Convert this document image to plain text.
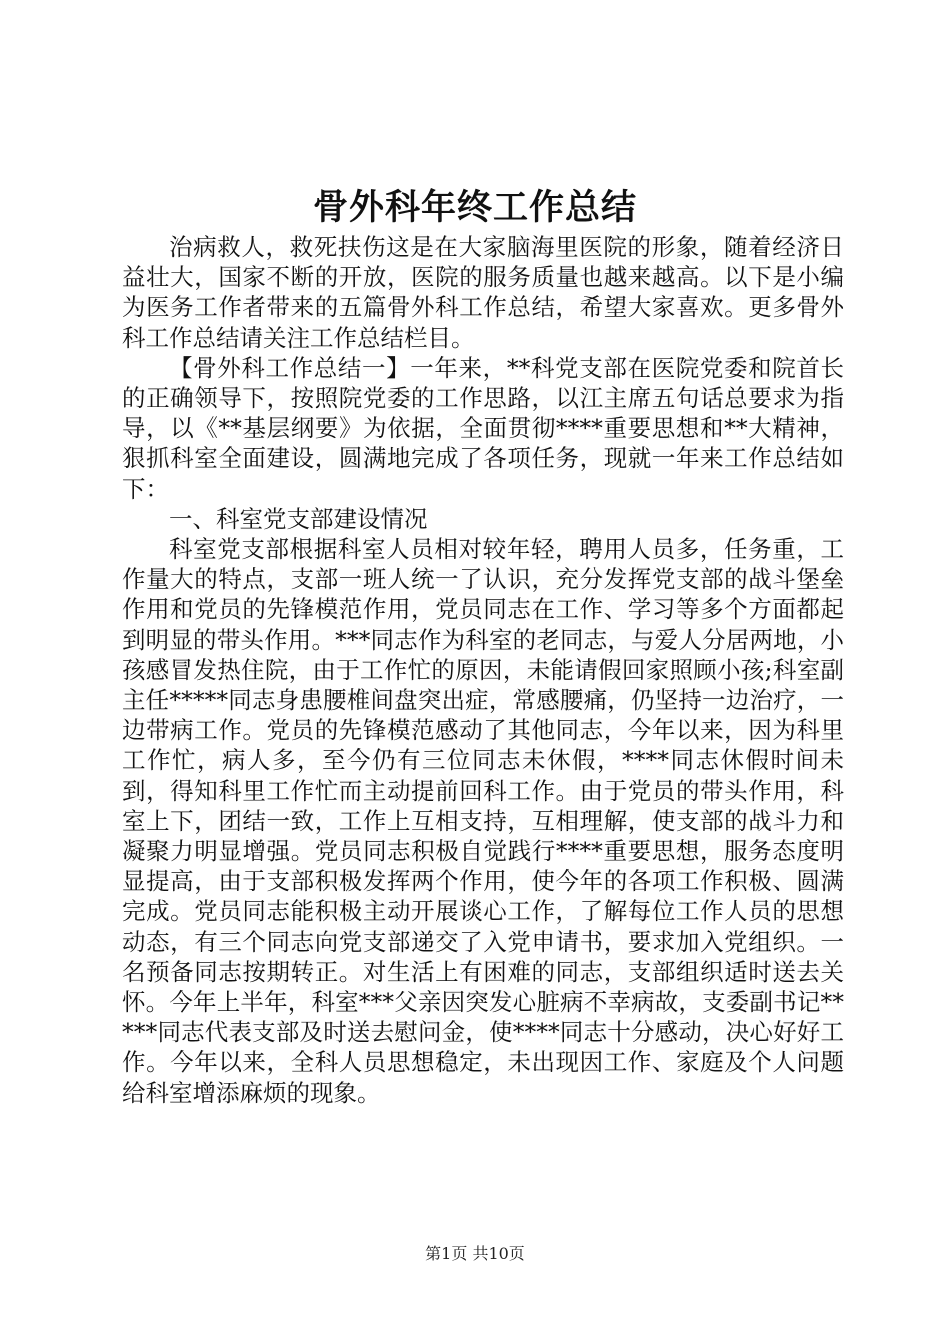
骨外科年终工作总结

治病救人，救死扶伤这是在大家脑海里医院的形象，随着经济日益壮大，国家不断的开放，医院的服务质量也越来越高。以下是小编为医务工作者带来的五篇骨外科工作总结，希望大家喜欢。更多骨外科工作总结请关注工作总结栏目。

【骨外科工作总结一】一年来，**科党支部在医院党委和院首长的正确领导下，按照院党委的工作思路，以江主席五句话总要求为指导，以《**基层纲要》为依据，全面贯彻****重要思想和**大精神，狠抓科室全面建设，圆满地完成了各项任务，现就一年来工作总结如下：

一、科室党支部建设情况

科室党支部根据科室人员相对较年轻，聘用人员多，任务重，工作量大的特点，支部一班人统一了认识，充分发挥党支部的战斗堡垒作用和党员的先锋模范作用，党员同志在工作、学习等多个方面都起到明显的带头作用。***同志作为科室的老同志，与爱人分居两地，小孩感冒发热住院，由于工作忙的原因，未能请假回家照顾小孩;科室副主任*****同志身患腰椎间盘突出症，常感腰痛，仍坚持一边治疗，一边带病工作。党员的先锋模范感动了其他同志，今年以来，因为科里工作忙，病人多，至今仍有三位同志未休假，****同志休假时间未到，得知科里工作忙而主动提前回科工作。由于党员的带头作用，科室上下，团结一致，工作上互相支持，互相理解，使支部的战斗力和凝聚力明显增强。党员同志积极自觉践行****重要思想，服务态度明显提高，由于支部积极发挥两个作用，使今年的各项工作积极、圆满完成。党员同志能积极主动开展谈心工作，了解每位工作人员的思想动态，有三个同志向党支部递交了入党申请书，要求加入党组织。一名预备同志按期转正。对生活上有困难的同志，支部组织适时送去关怀。今年上半年，科室***父亲因突发心脏病不幸病故，支委副书记*****同志代表支部及时送去慰问金，使****同志十分感动，决心好好工作。今年以来，全科人员思想稳定，未出现因工作、家庭及个人问题给科室增添麻烦的现象。

第1页 共10页
